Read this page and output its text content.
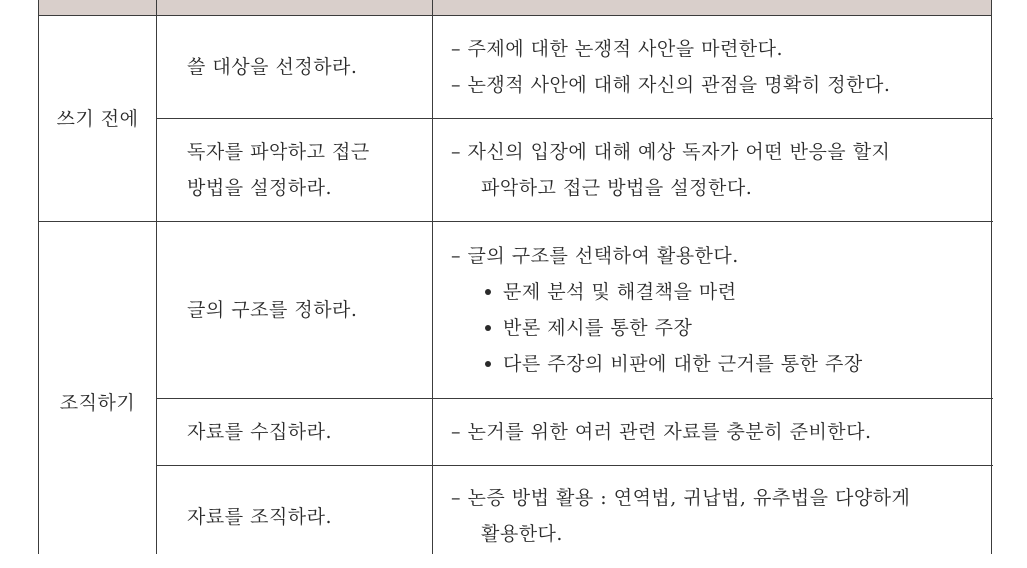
쓰기 전에
조직하기
쓸 대상을 선정하라.
– 주제에 대한 논쟁적 사안을 마련한다.
– 논쟁적 사안에 대해 자신의 관점을 명확히 정한다.
독자를 파악하고 접근
방법을 설정하라.
– 자신의 입장에 대해 예상 독자가 어떤 반응을 할지
파악하고 접근 방법을 설정한다.
글의 구조를 정하라.
– 글의 구조를 선택하여 활용한다.
문제 분석 및 해결책을 마련
반론 제시를 통한 주장
다른 주장의 비판에 대한 근거를 통한 주장
자료를 수집하라.	– 논거를 위한 여러 관련 자료를 충분히 준비한다.
자료를 조직하라.
– 논증 방법 활용 : 연역법, 귀납법, 유추법을 다양하게
활용한다.
